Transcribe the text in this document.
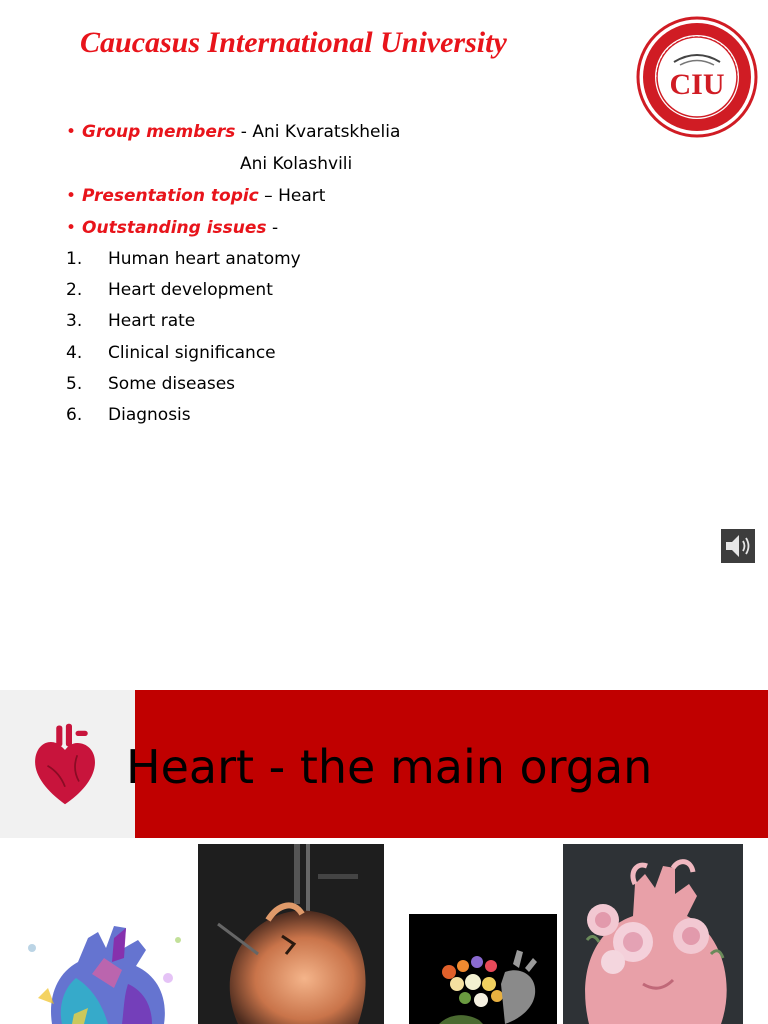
Caucasus International University
CIU
• Group members - Ani Kvaratskhelia
Ani Kolashvili
• Presentation topic – Heart
• Outstanding issues -
1. Human heart anatomy
2. Heart development
3. Heart rate
4. Clinical significance
5. Some diseases
6. Diagnosis
Heart - the main organ
